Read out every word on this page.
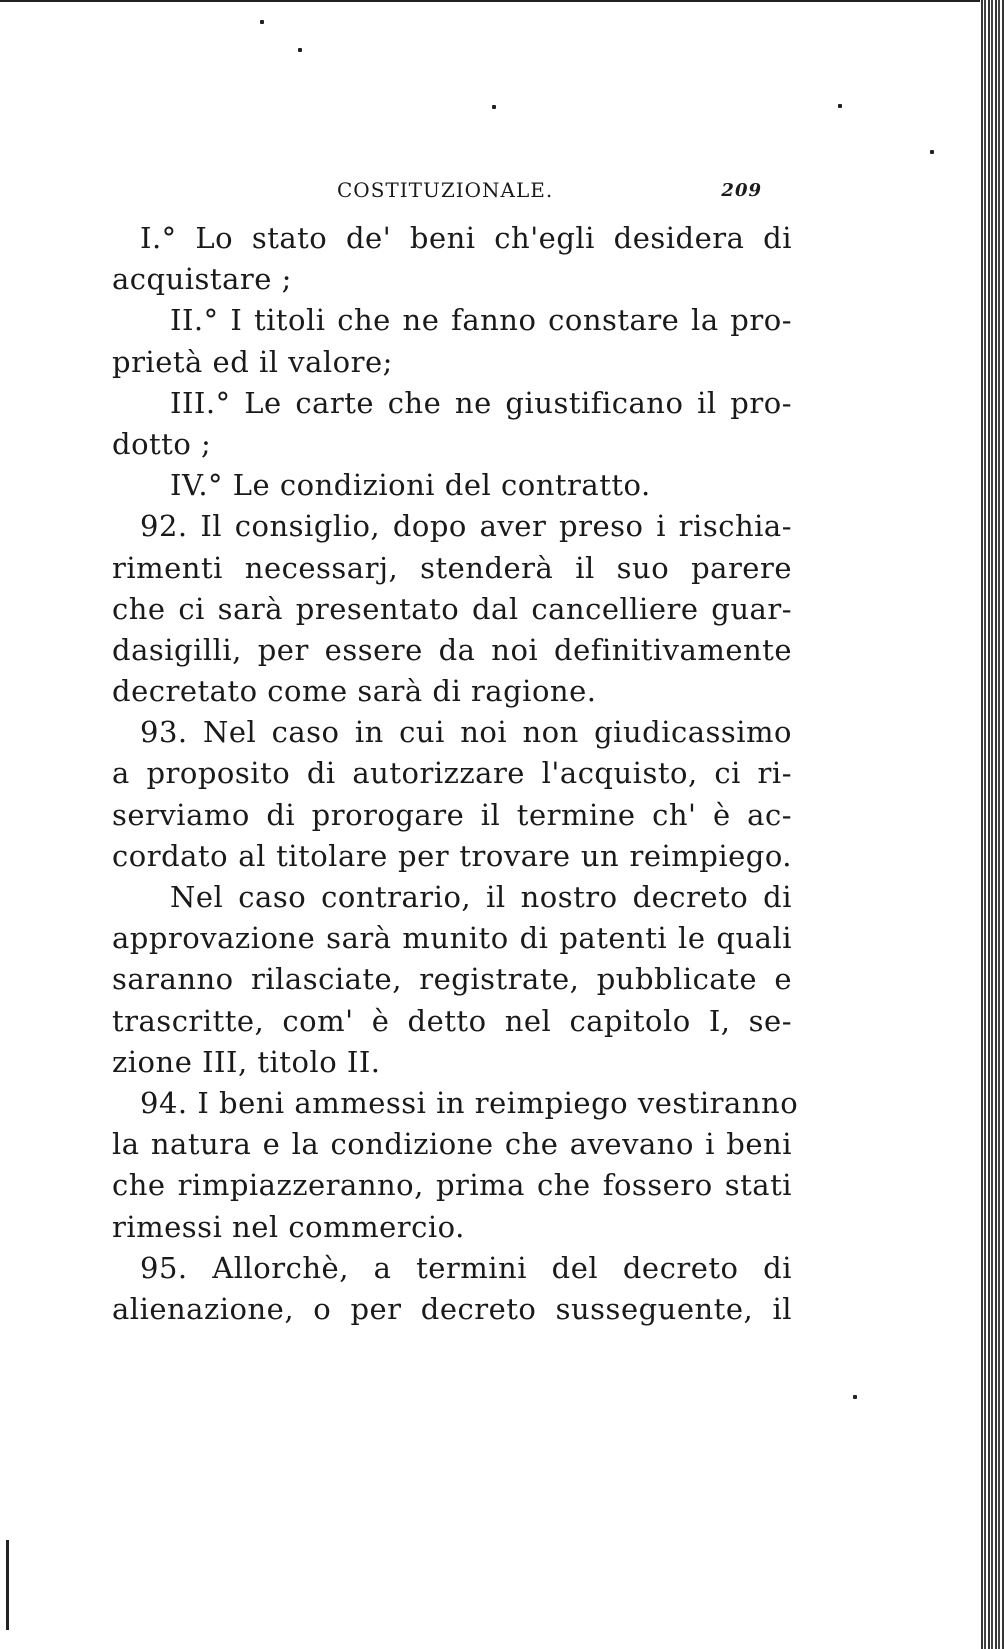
COSTITUZIONALE.	209
I.° Lo stato de' beni ch'egli desidera di
acquistare ;
II.° I titoli che ne fanno constare la pro-
prietà ed il valore;
III.° Le carte che ne giustificano il pro-
dotto ;
IV.° Le condizioni del contratto.
92. Il consiglio, dopo aver preso i rischia-
rimenti necessarj, stenderà il suo parere
che ci sarà presentato dal cancelliere guar-
dasigilli, per essere da noi definitivamente
decretato come sarà di ragione.
93. Nel caso in cui noi non giudicassimo
a proposito di autorizzare l'acquisto, ci ri-
serviamo di prorogare il termine ch' è ac-
cordato al titolare per trovare un reimpiego.
Nel caso contrario, il nostro decreto di
approvazione sarà munito di patenti le quali
saranno rilasciate, registrate, pubblicate e
trascritte, com' è detto nel capitolo I, se-
zione III, titolo II.
94. I beni ammessi in reimpiego vestiranno
la natura e la condizione che avevano i beni
che rimpiazzeranno, prima che fossero stati
rimessi nel commercio.
95. Allorchè, a termini del decreto di
alienazione, o per decreto susseguente, il
